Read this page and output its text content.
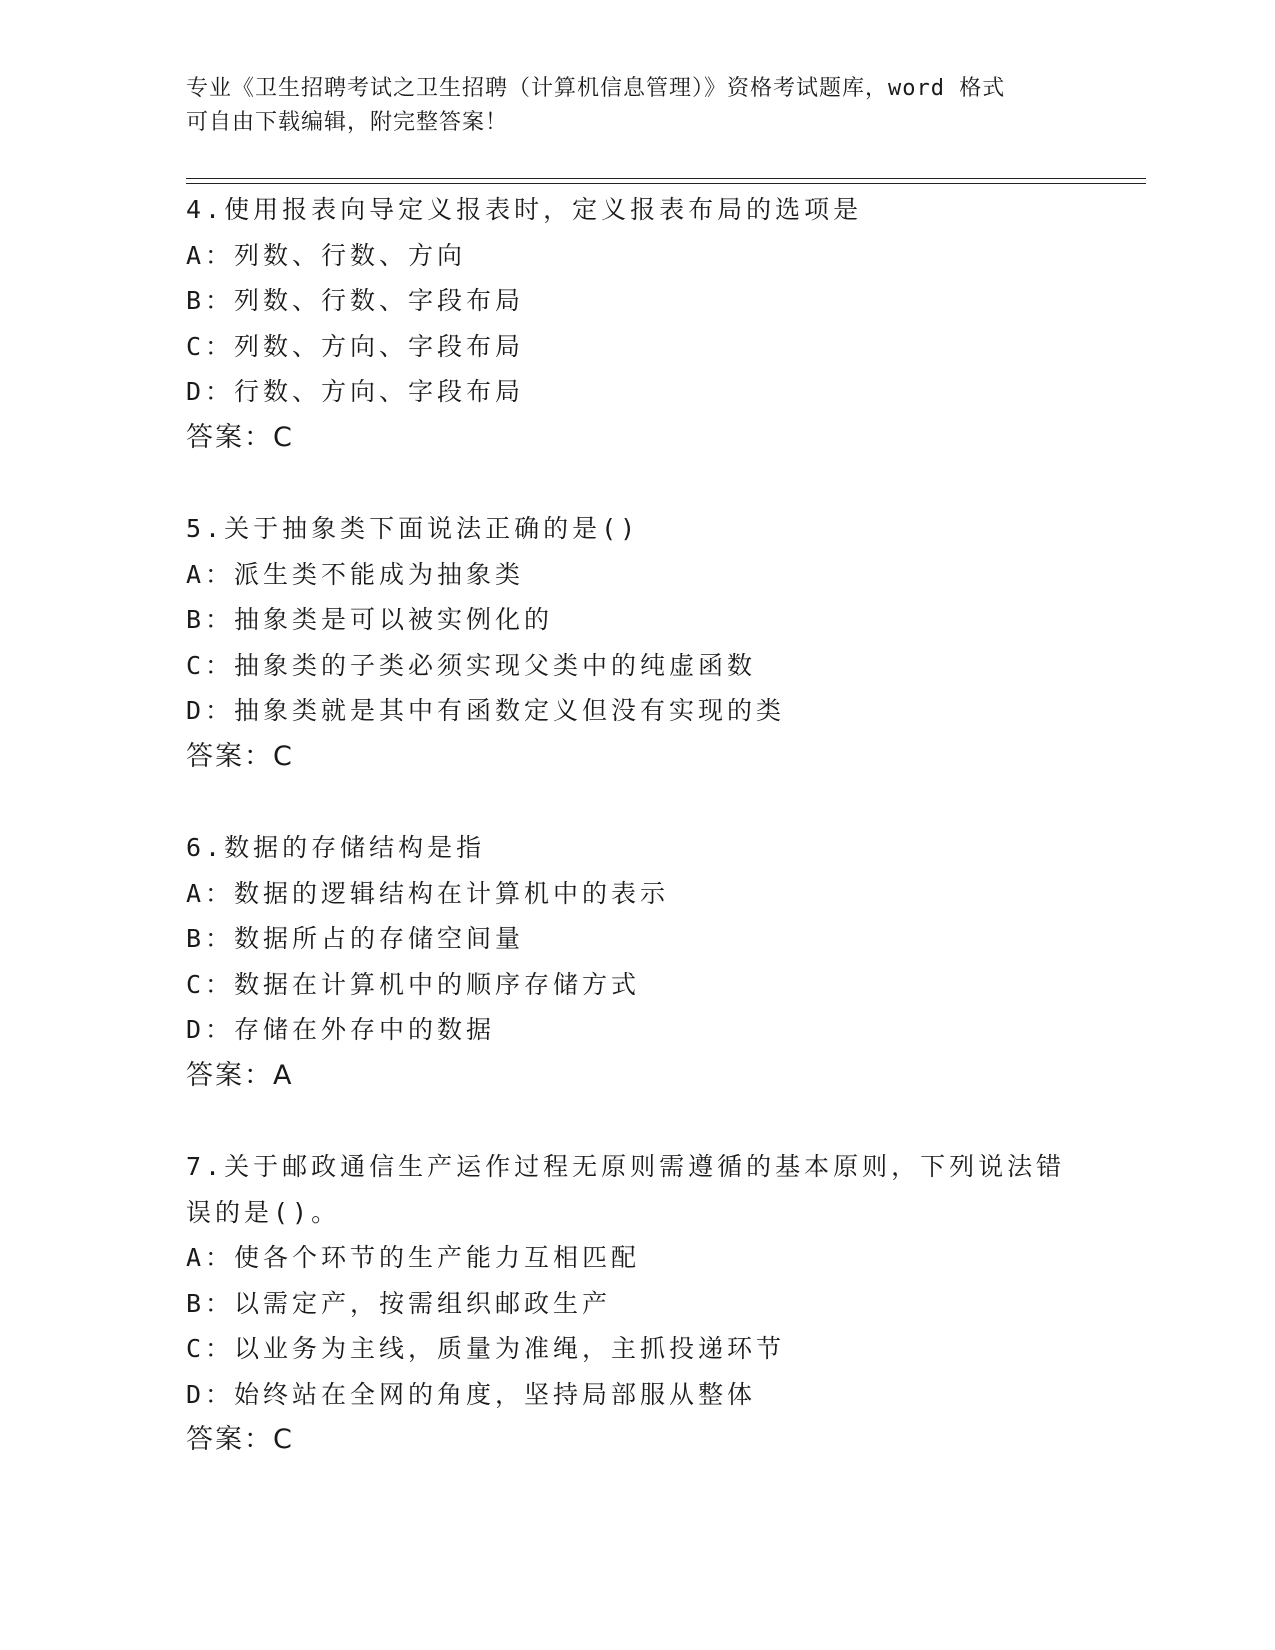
专业《卫生招聘考试之卫生招聘（计算机信息管理）》资格考试题库，word 格式
可自由下载编辑，附完整答案！
4.使用报表向导定义报表时，定义报表布局的选项是
A：列数、行数、方向
B：列数、行数、字段布局
C：列数、方向、字段布局
D：行数、方向、字段布局
答案：C
5.关于抽象类下面说法正确的是()
A：派生类不能成为抽象类
B：抽象类是可以被实例化的
C：抽象类的子类必须实现父类中的纯虚函数
D：抽象类就是其中有函数定义但没有实现的类
答案：C
6.数据的存储结构是指
A：数据的逻辑结构在计算机中的表示
B：数据所占的存储空间量
C：数据在计算机中的顺序存储方式
D：存储在外存中的数据
答案：A
7.关于邮政通信生产运作过程无原则需遵循的基本原则，下列说法错误的是()。
A：使各个环节的生产能力互相匹配
B：以需定产，按需组织邮政生产
C：以业务为主线，质量为准绳，主抓投递环节
D：始终站在全网的角度，坚持局部服从整体
答案：C
